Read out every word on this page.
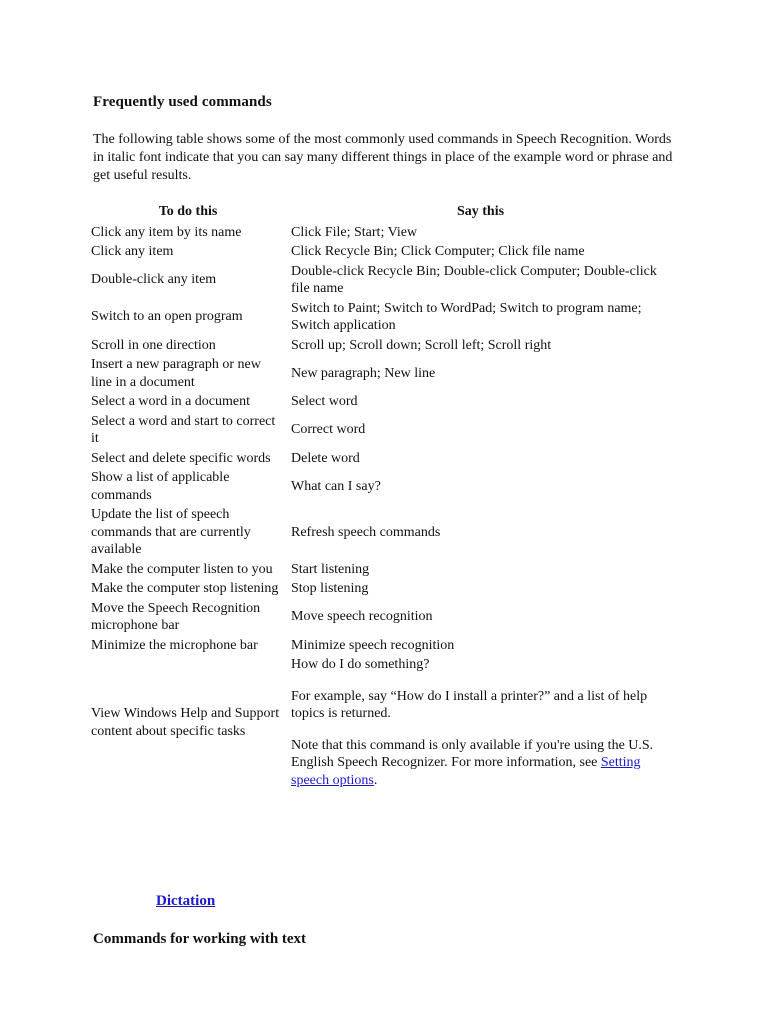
Frequently used commands

The following table shows some of the most commonly used commands in Speech Recognition. Words in italic font indicate that you can say many different things in place of the example word or phrase and get useful results.

To do this	Say this
Click any item by its name	Click File; Start; View
Click any item	Click Recycle Bin; Click Computer; Click file name
Double-click any item	Double-click Recycle Bin; Double-click Computer; Double-click file name
Switch to an open program	Switch to Paint; Switch to WordPad; Switch to program name; Switch application
Scroll in one direction	Scroll up; Scroll down; Scroll left; Scroll right
Insert a new paragraph or new line in a document	New paragraph; New line
Select a word in a document	Select word
Select a word and start to correct it	Correct word
Select and delete specific words	Delete word
Show a list of applicable commands	What can I say?
Update the list of speech commands that are currently available	Refresh speech commands
Make the computer listen to you	Start listening
Make the computer stop listening	Stop listening
Move the Speech Recognition microphone bar	Move speech recognition
Minimize the microphone bar	Minimize speech recognition
View Windows Help and Support content about specific tasks	How do I do something?

For example, say “How do I install a printer?” and a list of help topics is returned.

Note that this command is only available if you're using the U.S. English Speech Recognizer. For more information, see Setting speech options.

Dictation
Commands for working with text
